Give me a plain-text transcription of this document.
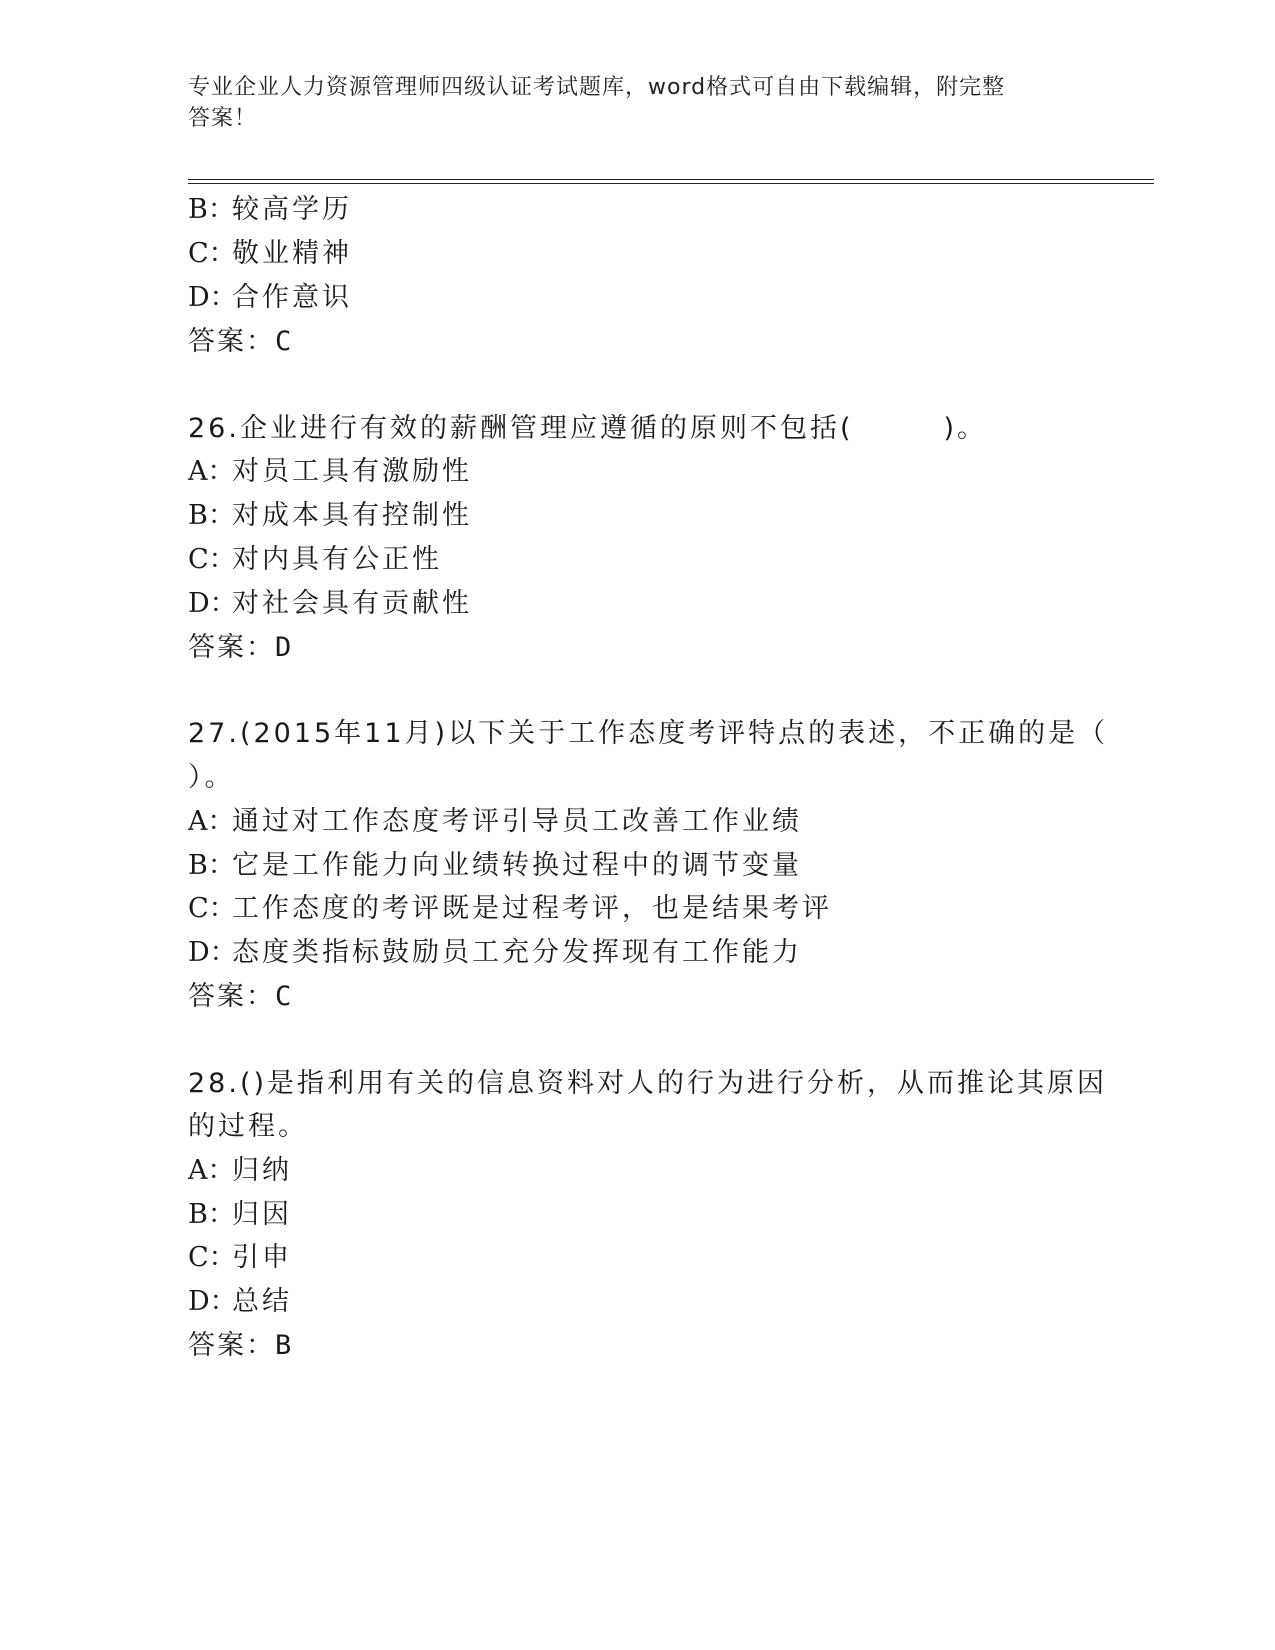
专业企业人力资源管理师四级认证考试题库，word格式可自由下载编辑，附完整
答案！
B：较高学历
C：敬业精神
D：合作意识
答案：C
26.企业进行有效的薪酬管理应遵循的原则不包括(　　　)。
A：对员工具有激励性
B：对成本具有控制性
C：对内具有公正性
D：对社会具有贡献性
答案：D
27.(2015年11月)以下关于工作态度考评特点的表述，不正确的是（
）。
A：通过对工作态度考评引导员工改善工作业绩
B：它是工作能力向业绩转换过程中的调节变量
C：工作态度的考评既是过程考评，也是结果考评
D：态度类指标鼓励员工充分发挥现有工作能力
答案：C
28.()是指利用有关的信息资料对人的行为进行分析，从而推论其原因
的过程。
A：归纳
B：归因
C：引申
D：总结
答案：B
